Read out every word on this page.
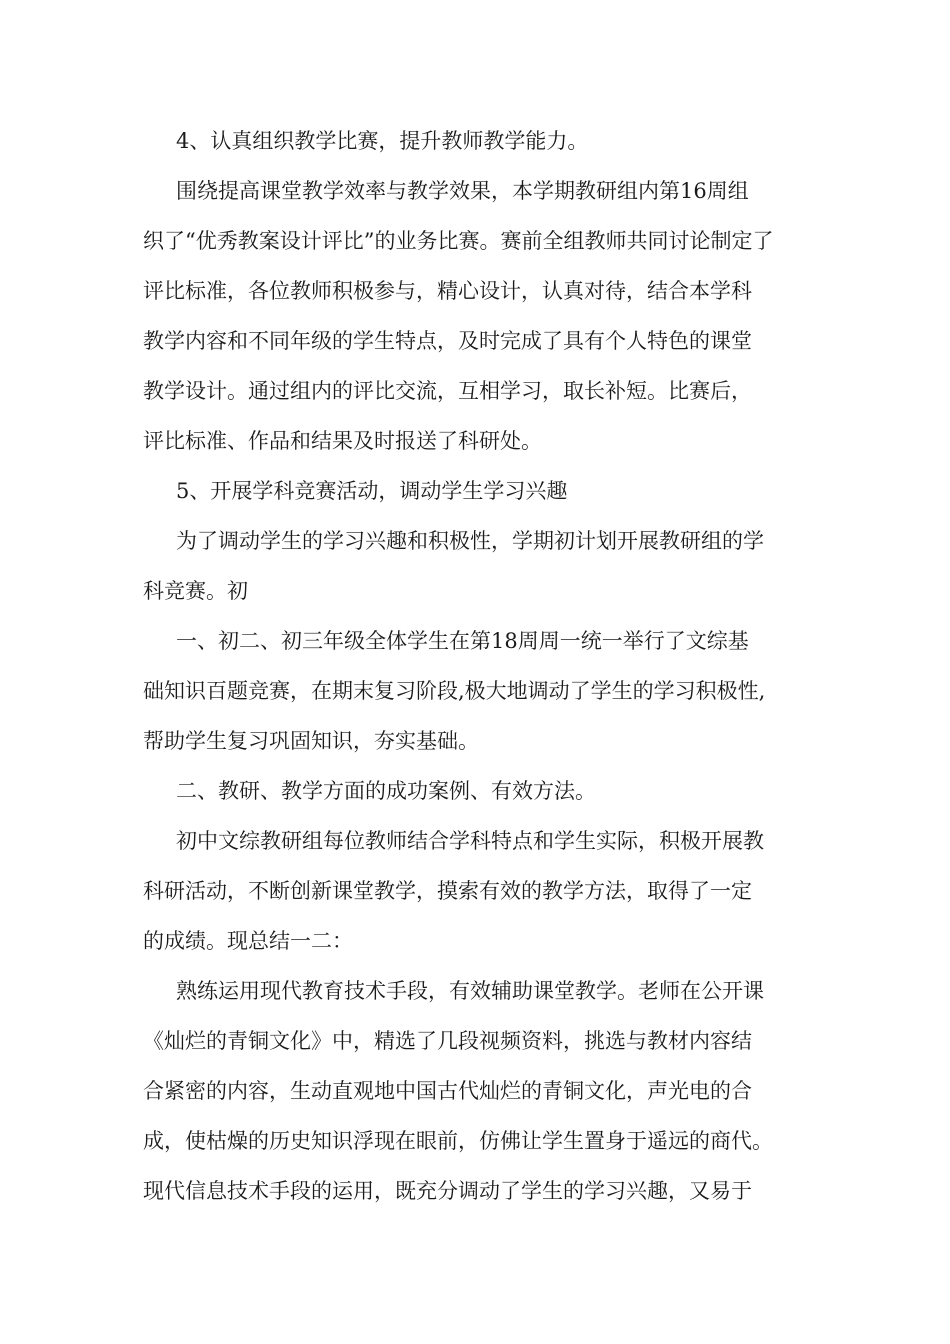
4、认真组织教学比赛，提升教师教学能力。
围绕提高课堂教学效率与教学效果，本学期教研组内第16周组
织了“优秀教案设计评比”的业务比赛。赛前全组教师共同讨论制定了
评比标准，各位教师积极参与，精心设计，认真对待，结合本学科
教学内容和不同年级的学生特点，及时完成了具有个人特色的课堂
教学设计。通过组内的评比交流，互相学习，取长补短。比赛后，
评比标准、作品和结果及时报送了科研处。
5、开展学科竞赛活动，调动学生学习兴趣
为了调动学生的学习兴趣和积极性，学期初计划开展教研组的学
科竞赛。初
一、初二、初三年级全体学生在第18周周一统一举行了文综基
础知识百题竞赛，在期末复习阶段,极大地调动了学生的学习积极性,
帮助学生复习巩固知识，夯实基础。
二、教研、教学方面的成功案例、有效方法。
初中文综教研组每位教师结合学科特点和学生实际，积极开展教
科研活动，不断创新课堂教学，摸索有效的教学方法，取得了一定
的成绩。现总结一二：
熟练运用现代教育技术手段，有效辅助课堂教学。老师在公开课
《灿烂的青铜文化》中，精选了几段视频资料，挑选与教材内容结
合紧密的内容，生动直观地中国古代灿烂的青铜文化，声光电的合
成，使枯燥的历史知识浮现在眼前，仿佛让学生置身于遥远的商代。
现代信息技术手段的运用，既充分调动了学生的学习兴趣，又易于
